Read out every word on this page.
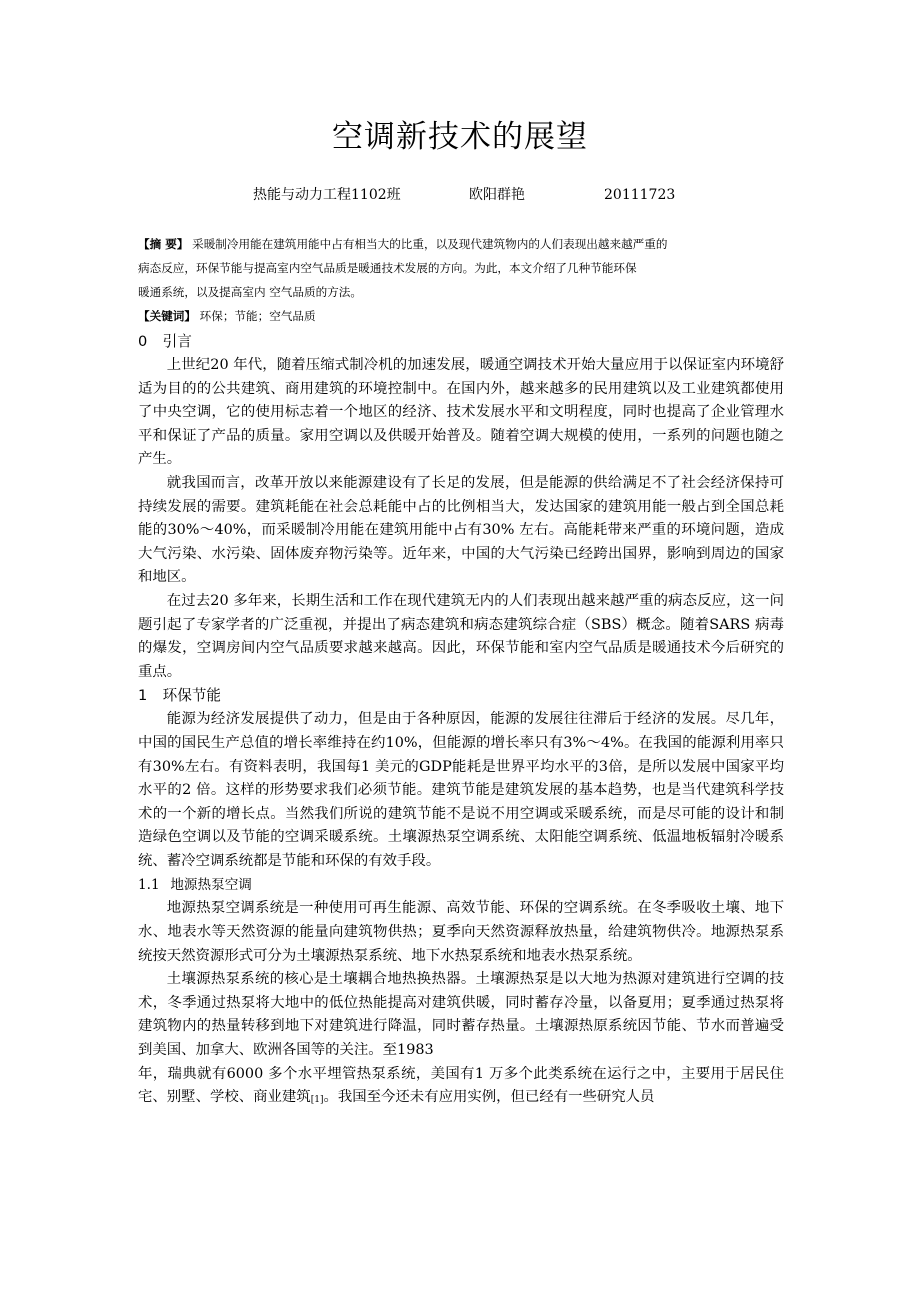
空调新技术的展望
热能与动力工程1102班	欧阳群艳	20111723

【摘 要】 采暖制冷用能在建筑用能中占有相当大的比重，以及现代建筑物内的人们表现出越来越严重的

病态反应，环保节能与提高室内空气品质是暖通技术发展的方向。为此，本文介绍了几种节能环保

暖通系统，以及提高室内 空气品质的方法。

【关键词】 环保；节能；空气品质

0 引言

上世纪20 年代，随着压缩式制冷机的加速发展，暖通空调技术开始大量应用于以保证室内环境舒适为目的的公共建筑、商用建筑的环境控制中。在国内外，越来越多的民用建筑以及工业建筑都使用了中央空调，它的使用标志着一个地区的经济、技术发展水平和文明程度，同时也提高了企业管理水平和保证了产品的质量。家用空调以及供暖开始普及。随着空调大规模的使用，一系列的问题也随之产生。

就我国而言，改革开放以来能源建设有了长足的发展，但是能源的供给满足不了社会经济保持可持续发展的需要。建筑耗能在社会总耗能中占的比例相当大，发达国家的建筑用能一般占到全国总耗能的30%～40%，而采暖制冷用能在建筑用能中占有30% 左右。高能耗带来严重的环境问题，造成大气污染、水污染、固体废弃物污染等。近年来，中国的大气污染已经跨出国界，影响到周边的国家和地区。

在过去20 多年来，长期生活和工作在现代建筑无内的人们表现出越来越严重的病态反应，这一问题引起了专家学者的广泛重视，并提出了病态建筑和病态建筑综合症（SBS）概念。随着SARS 病毒的爆发，空调房间内空气品质要求越来越高。因此，环保节能和室内空气品质是暖通技术今后研究的重点。

1 环保节能

能源为经济发展提供了动力，但是由于各种原因，能源的发展往往滞后于经济的发展。尽几年，中国的国民生产总值的增长率维持在约10%，但能源的增长率只有3%～4%。在我国的能源利用率只有30%左右。有资料表明，我国每1 美元的GDP能耗是世界平均水平的3倍，是所以发展中国家平均水平的2 倍。这样的形势要求我们必须节能。建筑节能是建筑发展的基本趋势，也是当代建筑科学技术的一个新的增长点。当然我们所说的建筑节能不是说不用空调或采暖系统，而是尽可能的设计和制造绿色空调以及节能的空调采暖系统。土壤源热泵空调系统、太阳能空调系统、低温地板辐射冷暖系统、蓄冷空调系统都是节能和环保的有效手段。

1.1 地源热泵空调

地源热泵空调系统是一种使用可再生能源、高效节能、环保的空调系统。在冬季吸收土壤、地下水、地表水等天然资源的能量向建筑物供热；夏季向天然资源释放热量，给建筑物供冷。地源热泵系统按天然资源形式可分为土壤源热泵系统、地下水热泵系统和地表水热泵系统。

土壤源热泵系统的核心是土壤耦合地热换热器。土壤源热泵是以大地为热源对建筑进行空调的技术，冬季通过热泵将大地中的低位热能提高对建筑供暖，同时蓄存冷量，以备夏用；夏季通过热泵将建筑物内的热量转移到地下对建筑进行降温，同时蓄存热量。土壤源热原系统因节能、节水而普遍受到美国、加拿大、欧洲各国等的关注。至1983

年，瑞典就有6000 多个水平埋管热泵系统，美国有1 万多个此类系统在运行之中，主要用于居民住宅、别墅、学校、商业建筑[1]。我国至今还未有应用实例，但已经有一些研究人员
